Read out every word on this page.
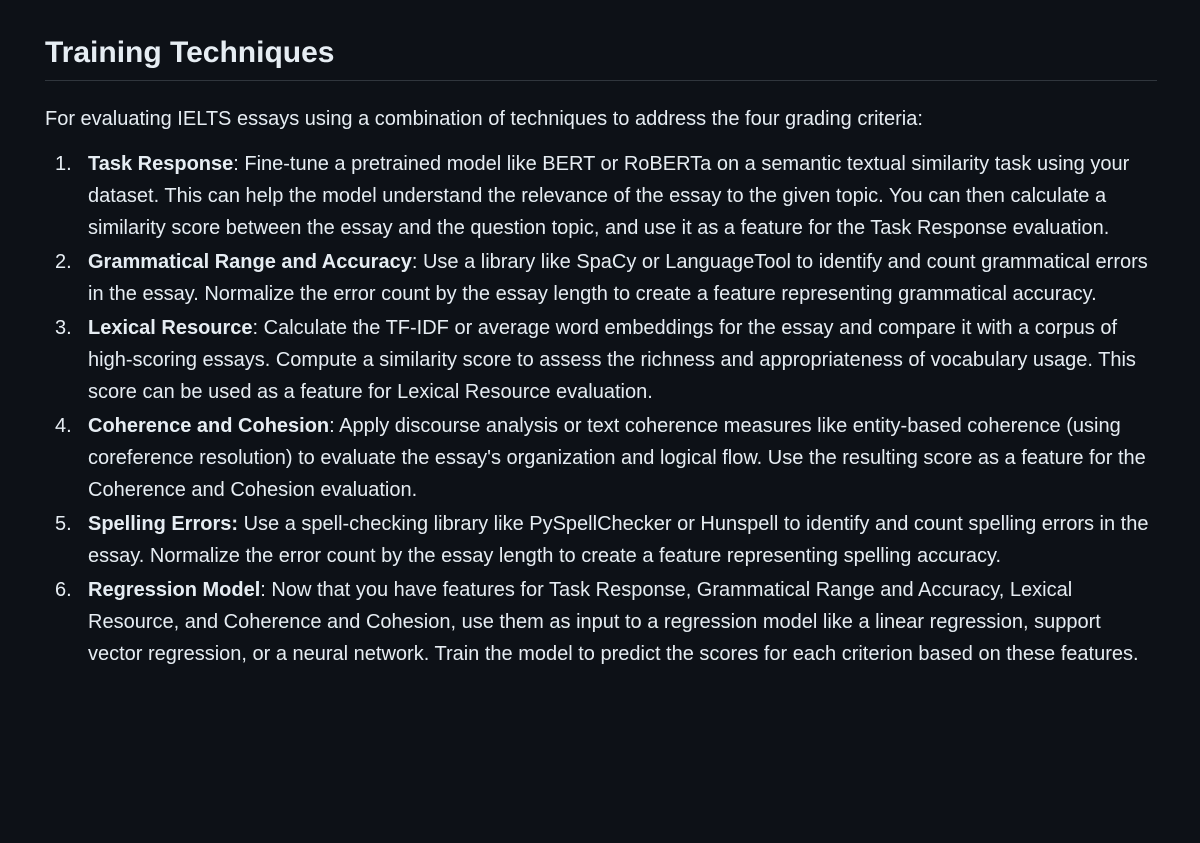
Training Techniques

For evaluating IELTS essays using a combination of techniques to address the four grading criteria:

1. Task Response: Fine-tune a pretrained model like BERT or RoBERTa on a semantic textual similarity task using your dataset. This can help the model understand the relevance of the essay to the given topic. You can then calculate a similarity score between the essay and the question topic, and use it as a feature for the Task Response evaluation.
2. Grammatical Range and Accuracy: Use a library like SpaCy or LanguageTool to identify and count grammatical errors in the essay. Normalize the error count by the essay length to create a feature representing grammatical accuracy.
3. Lexical Resource: Calculate the TF-IDF or average word embeddings for the essay and compare it with a corpus of high-scoring essays. Compute a similarity score to assess the richness and appropriateness of vocabulary usage. This score can be used as a feature for Lexical Resource evaluation.
4. Coherence and Cohesion: Apply discourse analysis or text coherence measures like entity-based coherence (using coreference resolution) to evaluate the essay's organization and logical flow. Use the resulting score as a feature for the Coherence and Cohesion evaluation.
5. Spelling Errors: Use a spell-checking library like PySpellChecker or Hunspell to identify and count spelling errors in the essay. Normalize the error count by the essay length to create a feature representing spelling accuracy.
6. Regression Model: Now that you have features for Task Response, Grammatical Range and Accuracy, Lexical Resource, and Coherence and Cohesion, use them as input to a regression model like a linear regression, support vector regression, or a neural network. Train the model to predict the scores for each criterion based on these features.
